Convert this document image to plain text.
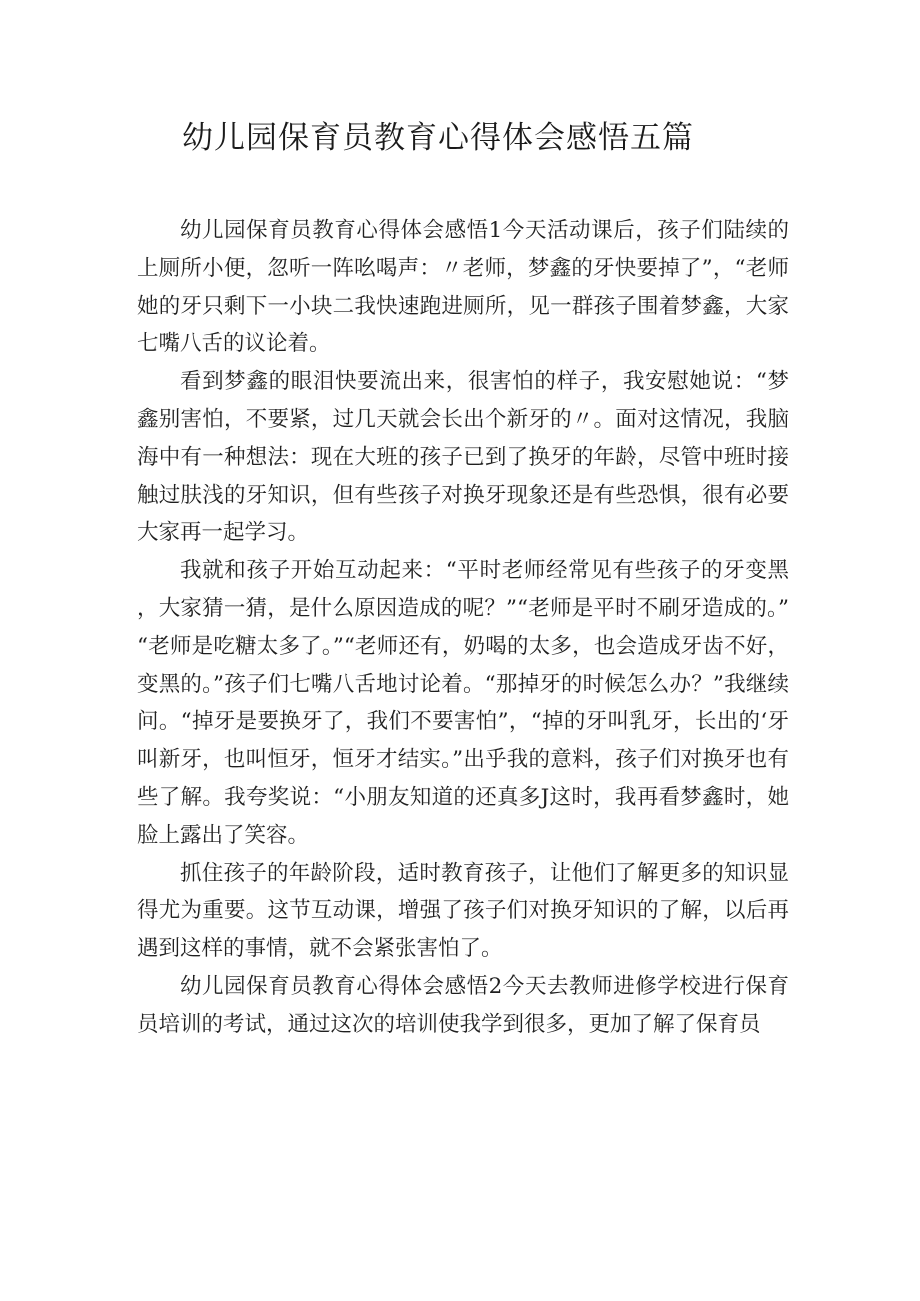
幼儿园保育员教育心得体会感悟五篇

幼儿园保育员教育心得体会感悟1今天活动课后，孩子们陆续的上厕所小便，忽听一阵吆喝声：〃老师，梦鑫的牙快要掉了”，“老师她的牙只剩下一小块二我快速跑进厕所，见一群孩子围着梦鑫，大家七嘴八舌的议论着。

看到梦鑫的眼泪快要流出来，很害怕的样子，我安慰她说：“梦鑫别害怕，不要紧，过几天就会长出个新牙的〃。面对这情况，我脑海中有一种想法：现在大班的孩子已到了换牙的年龄，尽管中班时接触过肤浅的牙知识，但有些孩子对换牙现象还是有些恐惧，很有必要大家再一起学习。

我就和孩子开始互动起来：“平时老师经常见有些孩子的牙变黑，大家猜一猜，是什么原因造成的呢？”“老师是平时不刷牙造成的。”“老师是吃糖太多了。”“老师还有，奶喝的太多，也会造成牙齿不好，变黑的。”孩子们七嘴八舌地讨论着。“那掉牙的时候怎么办？”我继续问。“掉牙是要换牙了，我们不要害怕”，“掉的牙叫乳牙，长出的‘牙叫新牙，也叫恒牙，恒牙才结实。”出乎我的意料，孩子们对换牙也有些了解。我夸奖说：“小朋友知道的还真多J这时，我再看梦鑫时，她脸上露出了笑容。

抓住孩子的年龄阶段，适时教育孩子，让他们了解更多的知识显得尤为重要。这节互动课，增强了孩子们对换牙知识的了解，以后再遇到这样的事情，就不会紧张害怕了。

幼儿园保育员教育心得体会感悟2今天去教师进修学校进行保育员培训的考试，通过这次的培训使我学到很多，更加了解了保育员
